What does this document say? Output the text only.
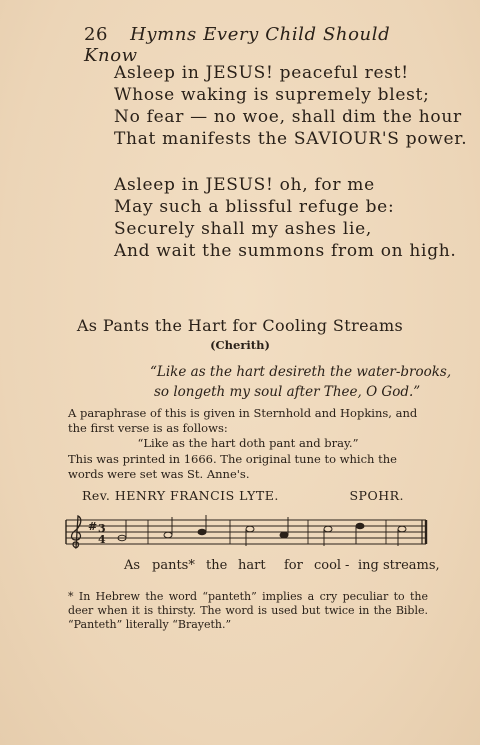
26 Hymns Every Child Should Know
Asleep in JESUS! peaceful rest!
Whose waking is supremely blest;
No fear — no woe, shall dim the hour
That manifests the SAVIOUR'S power.
Asleep in JESUS! oh, for me
May such a blissful refuge be:
Securely shall my ashes lie,
And wait the summons from on high.
As Pants the Hart for Cooling Streams
(Cherith)
“Like as the hart desireth the water-brooks,
so longeth my soul after Thee, O God.”
A paraphrase of this is given in Sternhold and Hopkins, and the first verse is as follows:
“Like as the hart doth pant and bray.”
This was printed in 1666. The original tune to which the words were set was St. Anne's.
Rev. HENRY FRANCIS LYTE.	SPOHR.
# 3
4
As pants* the hart for cool - ing streams,
* In Hebrew the word “panteth” implies a cry peculiar to the deer when it is thirsty. The word is used but twice in the Bible. “Panteth” literally “Brayeth.”
